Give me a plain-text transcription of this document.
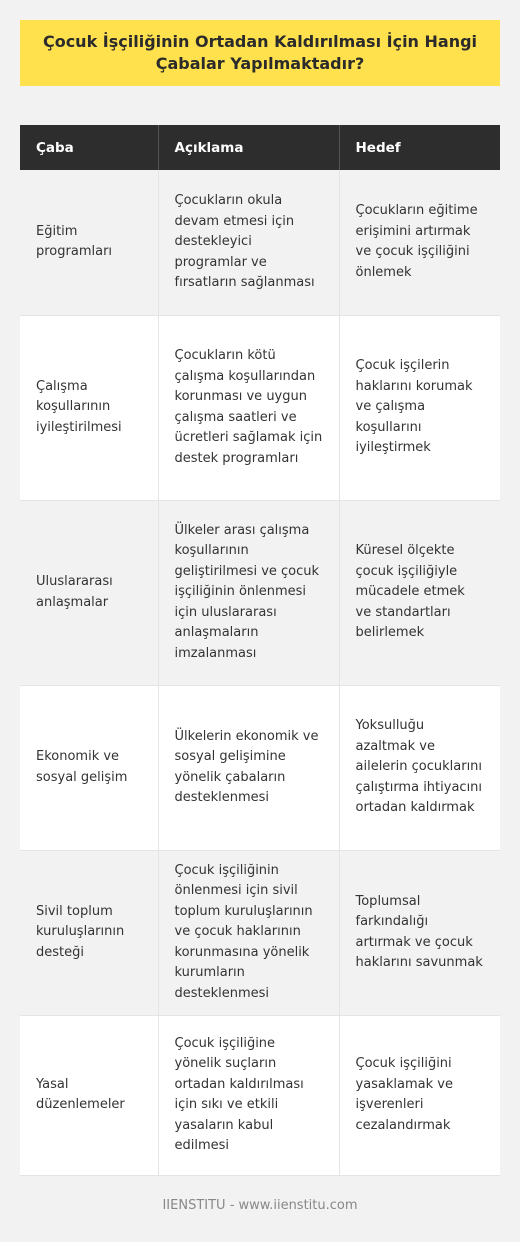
Çocuk İşçiliğinin Ortadan Kaldırılması İçin Hangi Çabalar Yapılmaktadır?
Çaba	Açıklama	Hedef
Eğitim programları	Çocukların okula devam etmesi için destekleyici programlar ve fırsatların sağlanması	Çocukların eğitime erişimini artırmak ve çocuk işçiliğini önlemek
Çalışma koşullarının iyileştirilmesi	Çocukların kötü çalışma koşullarından korunması ve uygun çalışma saatleri ve ücretleri sağlamak için destek programları	Çocuk işçilerin haklarını korumak ve çalışma koşullarını iyileştirmek
Uluslararası anlaşmalar	Ülkeler arası çalışma koşullarının geliştirilmesi ve çocuk işçiliğinin önlenmesi için uluslararası anlaşmaların imzalanması	Küresel ölçekte çocuk işçiliğiyle mücadele etmek ve standartları belirlemek
Ekonomik ve sosyal gelişim	Ülkelerin ekonomik ve sosyal gelişimine yönelik çabaların desteklenmesi	Yoksulluğu azaltmak ve ailelerin çocuklarını çalıştırma ihtiyacını ortadan kaldırmak
Sivil toplum kuruluşlarının desteği	Çocuk işçiliğinin önlenmesi için sivil toplum kuruluşlarının ve çocuk haklarının korunmasına yönelik kurumların desteklenmesi	Toplumsal farkındalığı artırmak ve çocuk haklarını savunmak
Yasal düzenlemeler	Çocuk işçiliğine yönelik suçların ortadan kaldırılması için sıkı ve etkili yasaların kabul edilmesi	Çocuk işçiliğini yasaklamak ve işverenleri cezalandırmak
IIENSTITU - www.iienstitu.com
